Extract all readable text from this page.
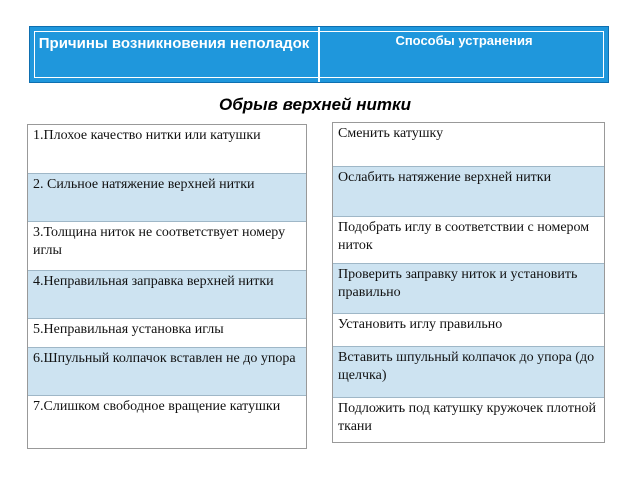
Причины возникновения неполадок	Способы устранения
Обрыв верхней нитки
1.Плохое качество нитки или катушки
2. Сильное натяжение верхней нитки
3.Толщина ниток не соответствует номеру иглы
4.Неправильная заправка верхней нитки
5.Неправильная установка иглы
6.Шпульный колпачок вставлен не до упора
7.Слишком свободное вращение катушки
Сменить катушку
Ослабить натяжение верхней нитки
Подобрать иглу в соответствии с номером ниток
Проверить заправку ниток и установить правильно
Установить иглу правильно
Вставить шпульный колпачок до упора (до щелчка)
Подложить под катушку кружочек плотной ткани
